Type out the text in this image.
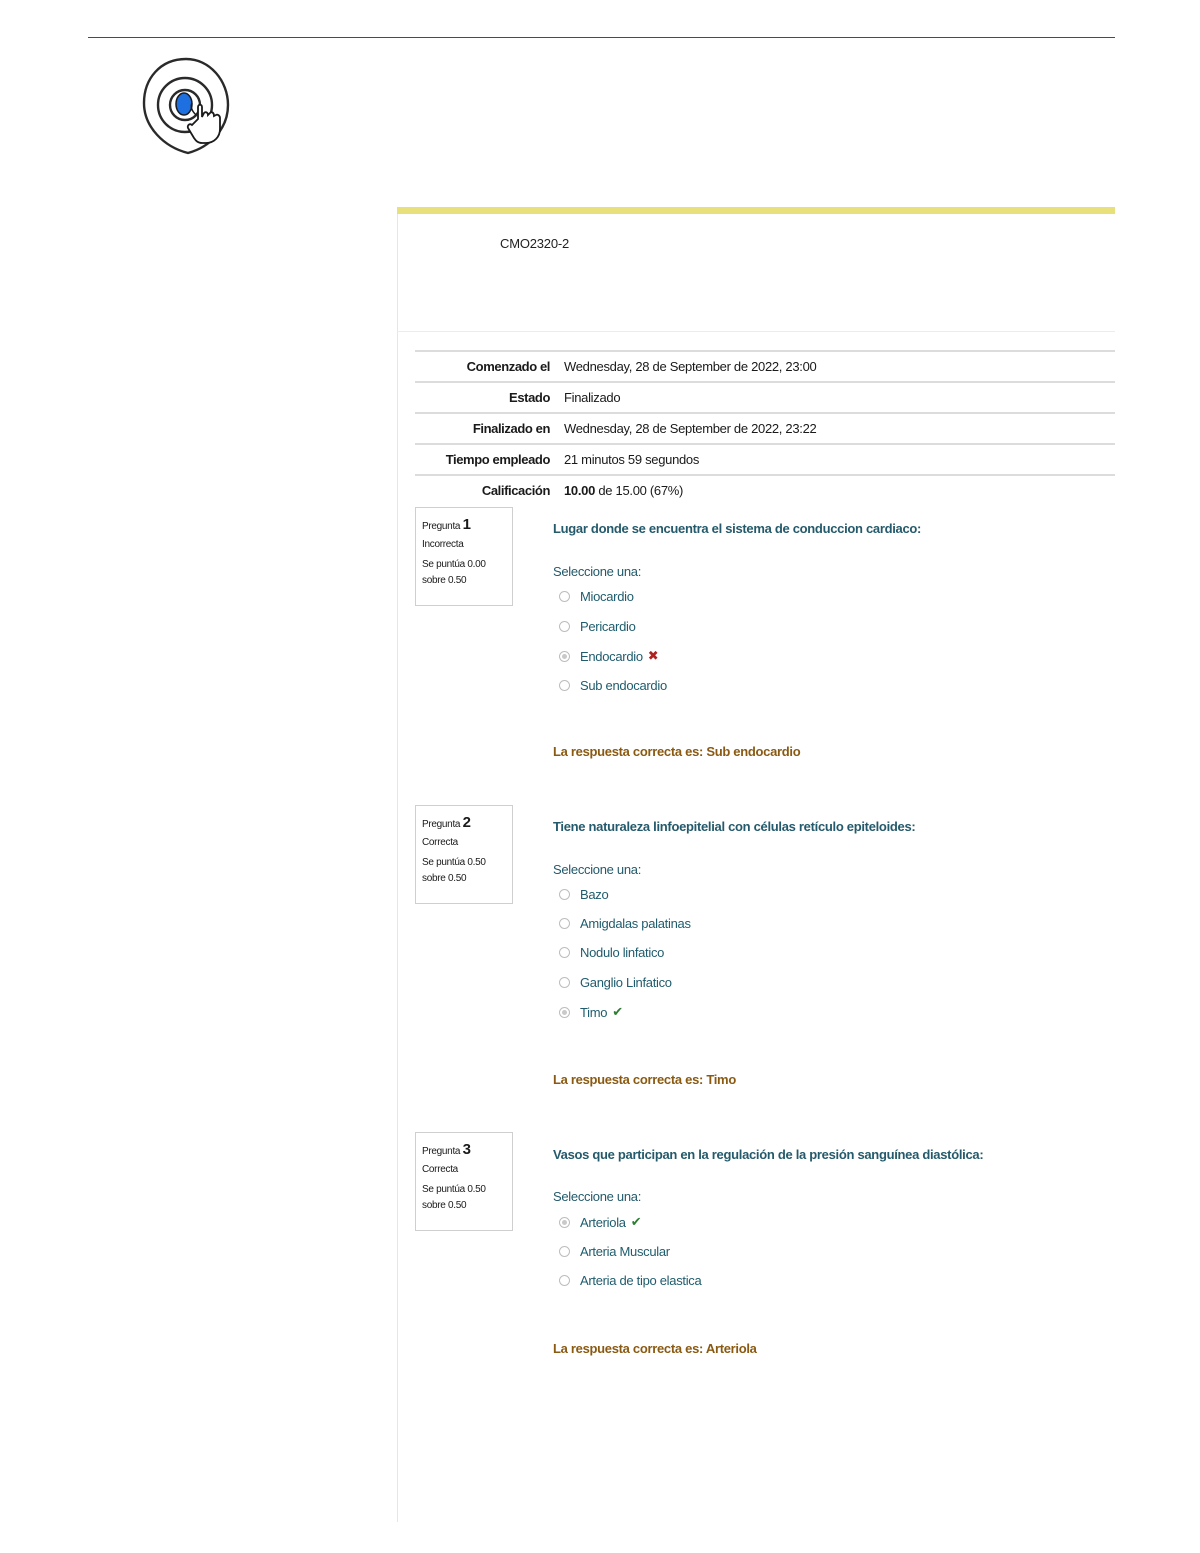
CMO2320-2
Comenzado el	Wednesday, 28 de September de 2022, 23:00
Estado	Finalizado
Finalizado en	Wednesday, 28 de September de 2022, 23:22
Tiempo empleado	21 minutos 59 segundos
Calificación	10.00 de 15.00 (67%)
Pregunta 1
Incorrecta
Se puntúa 0.00 sobre 0.50
Lugar donde se encuentra el sistema de conduccion cardiaco:
Seleccione una:
Miocardio
Pericardio
Endocardio ✖
Sub endocardio
La respuesta correcta es: Sub endocardio
Pregunta 2
Correcta
Se puntúa 0.50 sobre 0.50
Tiene naturaleza linfoepitelial con células retículo epiteloides:
Seleccione una:
Bazo
Amigdalas palatinas
Nodulo linfatico
Ganglio Linfatico
Timo ✔
La respuesta correcta es: Timo
Pregunta 3
Correcta
Se puntúa 0.50 sobre 0.50
Vasos que participan en la regulación de la presión sanguínea diastólica:
Seleccione una:
Arteriola ✔
Arteria Muscular
Arteria de tipo elastica
La respuesta correcta es: Arteriola
